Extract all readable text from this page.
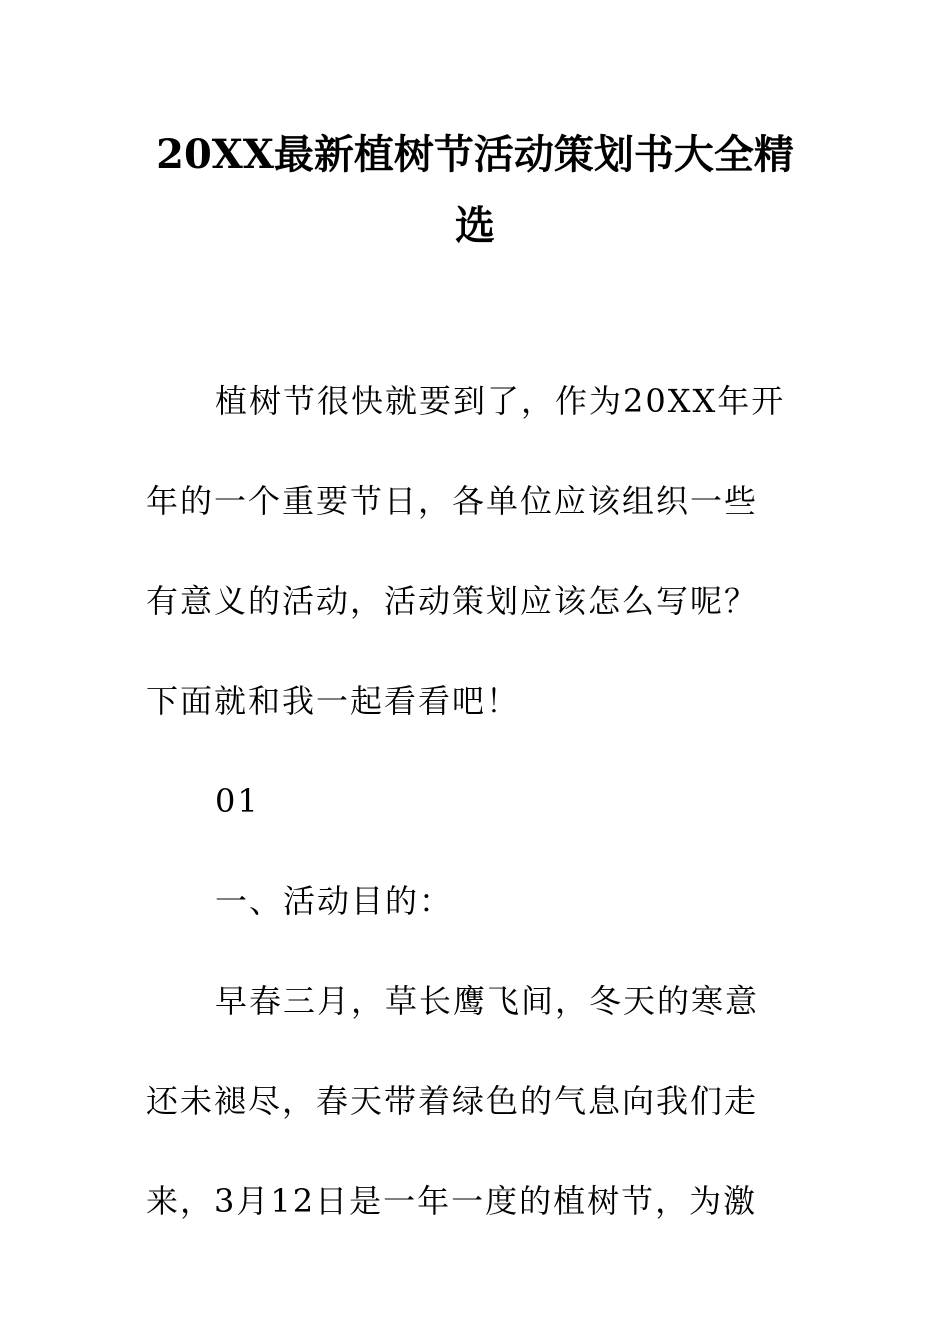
20XX最新植树节活动策划书大全精
选
植树节很快就要到了，作为20XX年开
年的一个重要节日，各单位应该组织一些
有意义的活动，活动策划应该怎么写呢？
下面就和我一起看看吧！
01
一、活动目的：
早春三月，草长鹰飞间，冬天的寒意
还未褪尽，春天带着绿色的气息向我们走
来，3月12日是一年一度的植树节，为激
